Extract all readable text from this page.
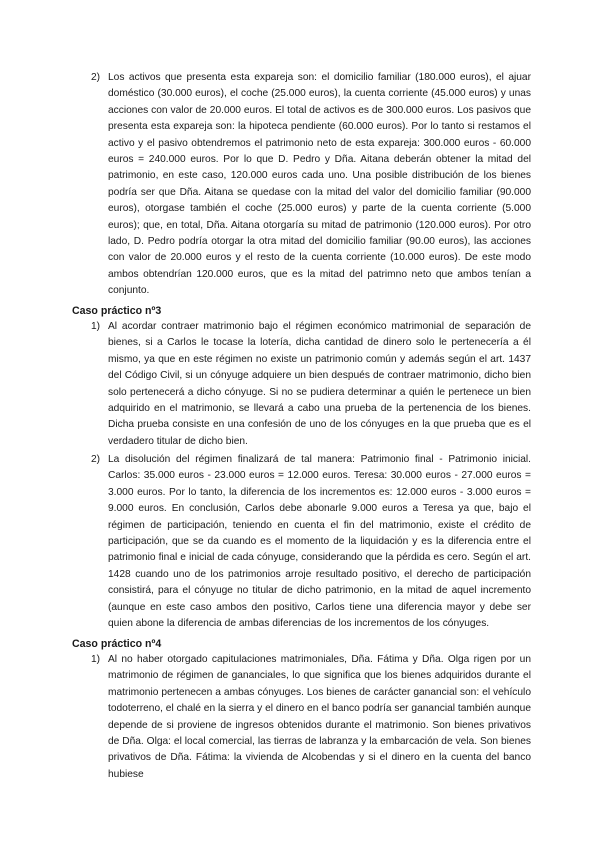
2) Los activos que presenta esta expareja son: el domicilio familiar (180.000 euros), el ajuar doméstico (30.000 euros), el coche (25.000 euros), la cuenta corriente (45.000 euros) y unas acciones con valor de 20.000 euros. El total de activos es de 300.000 euros. Los pasivos que presenta esta expareja son: la hipoteca pendiente (60.000 euros). Por lo tanto si restamos el activo y el pasivo obtendremos el patrimonio neto de esta expareja: 300.000 euros - 60.000 euros = 240.000 euros. Por lo que D. Pedro y Dña. Aitana deberán obtener la mitad del patrimonio, en este caso, 120.000 euros cada uno. Una posible distribución de los bienes podría ser que Dña. Aitana se quedase con la mitad del valor del domicilio familiar (90.000 euros), otorgase también el coche (25.000 euros) y parte de la cuenta corriente (5.000 euros); que, en total, Dña. Aitana otorgaría su mitad de patrimonio (120.000 euros). Por otro lado, D. Pedro podría otorgar la otra mitad del domicilio familiar (90.00 euros), las acciones con valor de 20.000 euros y el resto de la cuenta corriente (10.000 euros). De este modo ambos obtendrían 120.000 euros, que es la mitad del patrimno neto que ambos tenían a conjunto.
Caso práctico nº3
1) Al acordar contraer matrimonio bajo el régimen económico matrimonial de separación de bienes, si a Carlos le tocase la lotería, dicha cantidad de dinero solo le pertenecería a él mismo, ya que en este régimen no existe un patrimonio común y además según el art. 1437 del Código Civil, si un cónyuge adquiere un bien después de contraer matrimonio, dicho bien solo pertenecerá a dicho cónyuge. Si no se pudiera determinar a quién le pertenece un bien adquirido en el matrimonio, se llevará a cabo una prueba de la pertenencia de los bienes. Dicha prueba consiste en una confesión de uno de los cónyuges en la que prueba que es el verdadero titular de dicho bien.
2) La disolución del régimen finalizará de tal manera: Patrimonio final - Patrimonio inicial. Carlos: 35.000 euros - 23.000 euros = 12.000 euros. Teresa: 30.000 euros - 27.000 euros = 3.000 euros. Por lo tanto, la diferencia de los incrementos es: 12.000 euros - 3.000 euros = 9.000 euros. En conclusión, Carlos debe abonarle 9.000 euros a Teresa ya que, bajo el régimen de participación, teniendo en cuenta el fin del matrimonio, existe el crédito de participación, que se da cuando es el momento de la liquidación y es la diferencia entre el patrimonio final e inicial de cada cónyuge, considerando que la pérdida es cero. Según el art. 1428 cuando uno de los patrimonios arroje resultado positivo, el derecho de participación consistirá, para el cónyuge no titular de dicho patrimonio, en la mitad de aquel incremento (aunque en este caso ambos den positivo, Carlos tiene una diferencia mayor y debe ser quien abone la diferencia de ambas diferencias de los incrementos de los cónyuges.
Caso práctico nº4
1) Al no haber otorgado capitulaciones matrimoniales, Dña. Fátima y Dña. Olga rigen por un matrimonio de régimen de gananciales, lo que significa que los bienes adquiridos durante el matrimonio pertenecen a ambas cónyuges. Los bienes de carácter ganancial son: el vehículo todoterreno, el chalé en la sierra y el dinero en el banco podría ser ganancial también aunque depende de si proviene de ingresos obtenidos durante el matrimonio. Son bienes privativos de Dña. Olga: el local comercial, las tierras de labranza y la embarcación de vela. Son bienes privativos de Dña. Fátima: la vivienda de Alcobendas y si el dinero en la cuenta del banco hubiese
